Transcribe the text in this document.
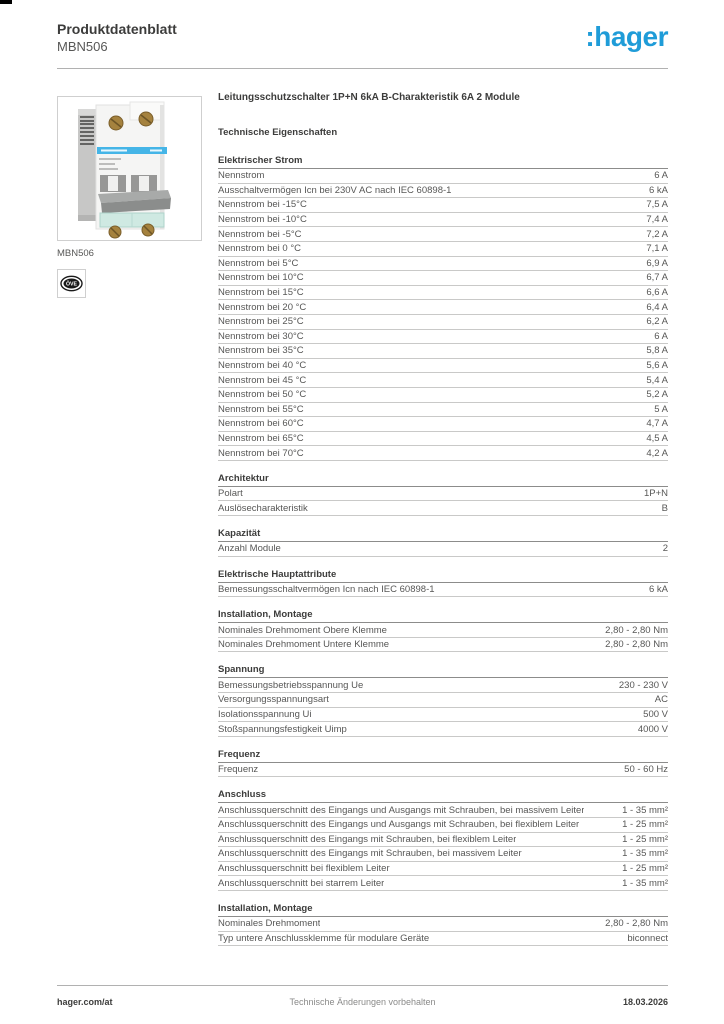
Produktdatenblatt
MBN506	:hager
MBN506
ÖVE
Leitungsschutzschalter 1P+N 6kA B-Charakteristik 6A 2 Module
Technische Eigenschaften
Elektrischer Strom
Nennstrom	6 A
Ausschaltvermögen Icn bei 230V AC nach IEC 60898-1	6 kA
Nennstrom bei -15°C	7,5 A
Nennstrom bei -10°C	7,4 A
Nennstrom bei -5°C	7,2 A
Nennstrom bei 0 °C	7,1 A
Nennstrom bei 5°C	6,9 A
Nennstrom bei 10°C	6,7 A
Nennstrom bei 15°C	6,6 A
Nennstrom bei 20 °C	6,4 A
Nennstrom bei 25°C	6,2 A
Nennstrom bei 30°C	6 A
Nennstrom bei 35°C	5,8 A
Nennstrom bei 40 °C	5,6 A
Nennstrom bei 45 °C	5,4 A
Nennstrom bei 50 °C	5,2 A
Nennstrom bei 55°C	5 A
Nennstrom bei 60°C	4,7 A
Nennstrom bei 65°C	4,5 A
Nennstrom bei 70°C	4,2 A
Architektur
Polart	1P+N
Auslösecharakteristik	B
Kapazität
Anzahl Module	2
Elektrische Hauptattribute
Bemessungsschaltvermögen Icn nach IEC 60898-1	6 kA
Installation, Montage
Nominales Drehmoment Obere Klemme	2,80 - 2,80 Nm
Nominales Drehmoment Untere Klemme	2,80 - 2,80 Nm
Spannung
Bemessungsbetriebsspannung Ue	230 - 230 V
Versorgungsspannungsart	AC
Isolationsspannung Ui	500 V
Stoßspannungsfestigkeit Uimp	4000 V
Frequenz
Frequenz	50 - 60 Hz
Anschluss
Anschlussquerschnitt des Eingangs und Ausgangs mit Schrauben, bei massivem Leiter	1 - 35 mm²
Anschlussquerschnitt des Eingangs und Ausgangs mit Schrauben, bei flexiblem Leiter	1 - 25 mm²
Anschlussquerschnitt des Eingangs mit Schrauben, bei flexiblem Leiter	1 - 25 mm²
Anschlussquerschnitt des Eingangs mit Schrauben, bei massivem Leiter	1 - 35 mm²
Anschlussquerschnitt bei flexiblem Leiter	1 - 25 mm²
Anschlussquerschnitt bei starrem Leiter	1 - 35 mm²
Installation, Montage
Nominales Drehmoment	2,80 - 2,80 Nm
Typ untere Anschlussklemme für modulare Geräte	biconnect
hager.com/at	Technische Änderungen vorbehalten	18.03.2026
